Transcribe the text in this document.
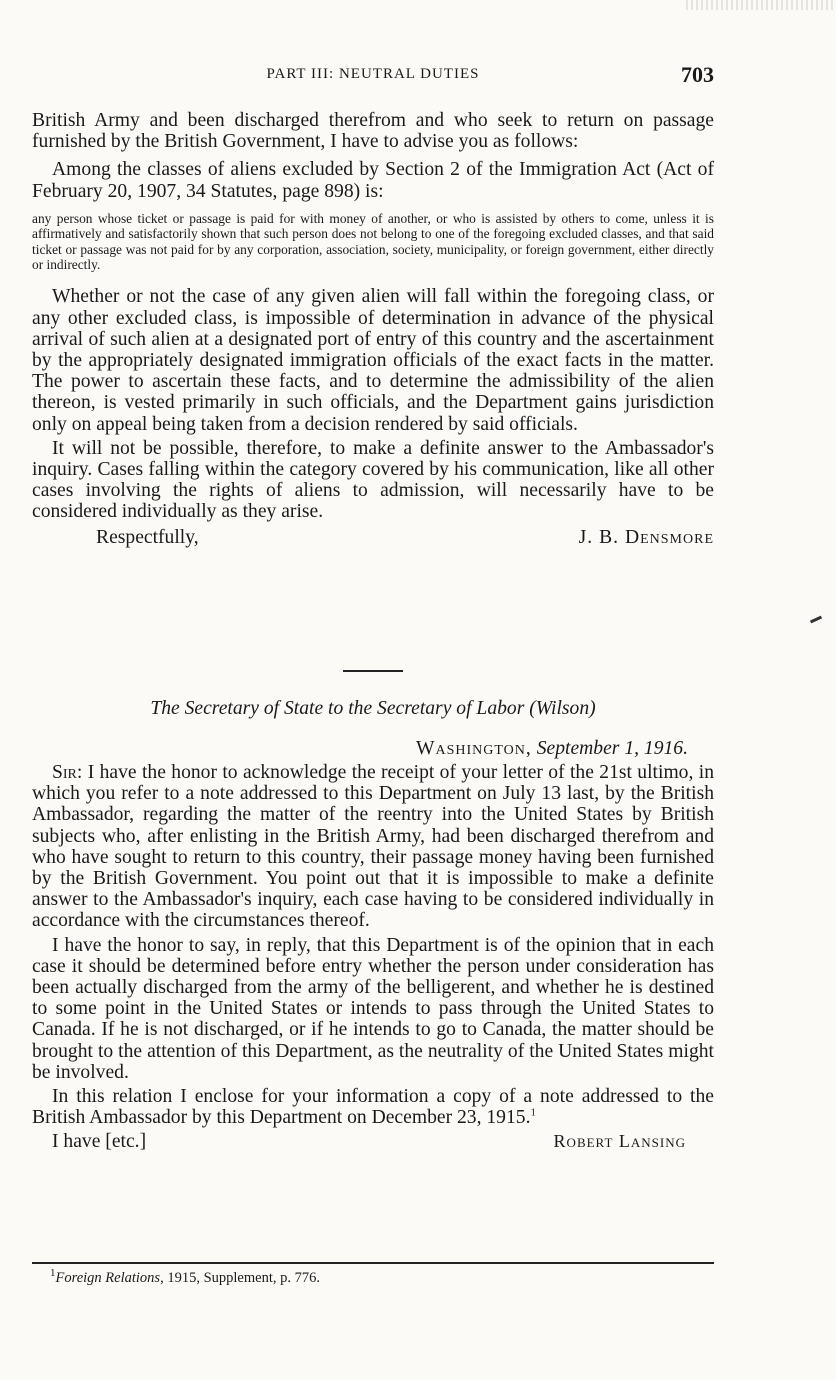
PART III: NEUTRAL DUTIES	703

British Army and been discharged therefrom and who seek to return on passage furnished by the British Government, I have to advise you as follows:

Among the classes of aliens excluded by Section 2 of the Immigration Act (Act of February 20, 1907, 34 Statutes, page 898) is:

any person whose ticket or passage is paid for with money of another, or who is assisted by others to come, unless it is affirmatively and satisfactorily shown that such person does not belong to one of the foregoing excluded classes, and that said ticket or passage was not paid for by any corporation, association, society, municipality, or foreign government, either directly or indirectly.

Whether or not the case of any given alien will fall within the foregoing class, or any other excluded class, is impossible of determination in advance of the physical arrival of such alien at a designated port of entry of this country and the ascertainment by the appropriately designated immigration officials of the exact facts in the matter. The power to ascertain these facts, and to determine the admissibility of the alien thereon, is vested primarily in such officials, and the Department gains jurisdiction only on appeal being taken from a decision rendered by said officials.

It will not be possible, therefore, to make a definite answer to the Ambassador's inquiry. Cases falling within the category covered by his communication, like all other cases involving the rights of aliens to admission, will necessarily have to be considered individually as they arise.

Respectfully,	J. B. Densmore
The Secretary of State to the Secretary of Labor (Wilson)
Washington, September 1, 1916.

Sir: I have the honor to acknowledge the receipt of your letter of the 21st ultimo, in which you refer to a note addressed to this Department on July 13 last, by the British Ambassador, regarding the matter of the reentry into the United States by British subjects who, after enlisting in the British Army, had been discharged therefrom and who have sought to return to this country, their passage money having been furnished by the British Government. You point out that it is impossible to make a definite answer to the Ambassador's inquiry, each case having to be considered individually in accordance with the circumstances thereof.

I have the honor to say, in reply, that this Department is of the opinion that in each case it should be determined before entry whether the person under consideration has been actually discharged from the army of the belligerent, and whether he is destined to some point in the United States or intends to pass through the United States to Canada. If he is not discharged, or if he intends to go to Canada, the matter should be brought to the attention of this Department, as the neutrality of the United States might be involved.

In this relation I enclose for your information a copy of a note addressed to the British Ambassador by this Department on December 23, 1915.$^1$

I have [etc.]	Robert Lansing
$^1$Foreign Relations, 1915, Supplement, p. 776.
